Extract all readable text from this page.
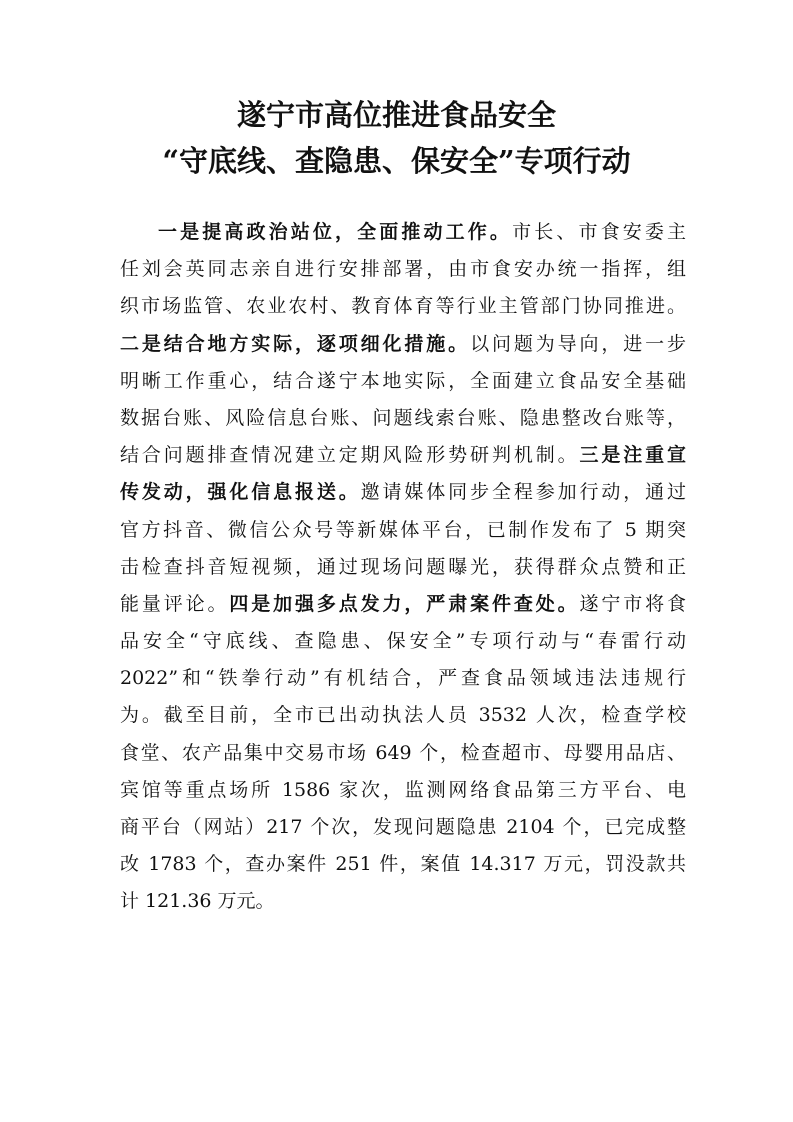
遂宁市高位推进食品安全
“守底线、查隐患、保安全”专项行动
一是提高政治站位，全面推动工作。市长、市食安委主
任刘会英同志亲自进行安排部署，由市食安办统一指挥，组
织市场监管、农业农村、教育体育等行业主管部门协同推进。
二是结合地方实际，逐项细化措施。以问题为导向，进一步
明晰工作重心，结合遂宁本地实际，全面建立食品安全基础
数据台账、风险信息台账、问题线索台账、隐患整改台账等，
结合问题排查情况建立定期风险形势研判机制。三是注重宣
传发动，强化信息报送。邀请媒体同步全程参加行动，通过
官方抖音、微信公众号等新媒体平台，已制作发布了 5 期突
击检查抖音短视频，通过现场问题曝光，获得群众点赞和正
能量评论。四是加强多点发力，严肃案件查处。遂宁市将食
品安全“守底线、查隐患、保安全”专项行动与“春雷行动
2022”和“铁拳行动”有机结合，严查食品领域违法违规行
为。截至目前，全市已出动执法人员 3532 人次，检查学校
食堂、农产品集中交易市场 649 个，检查超市、母婴用品店、
宾馆等重点场所 1586 家次，监测网络食品第三方平台、电
商平台（网站）217 个次，发现问题隐患 2104 个，已完成整
改 1783 个，查办案件 251 件，案值 14.317 万元，罚没款共
计 121.36 万元。
